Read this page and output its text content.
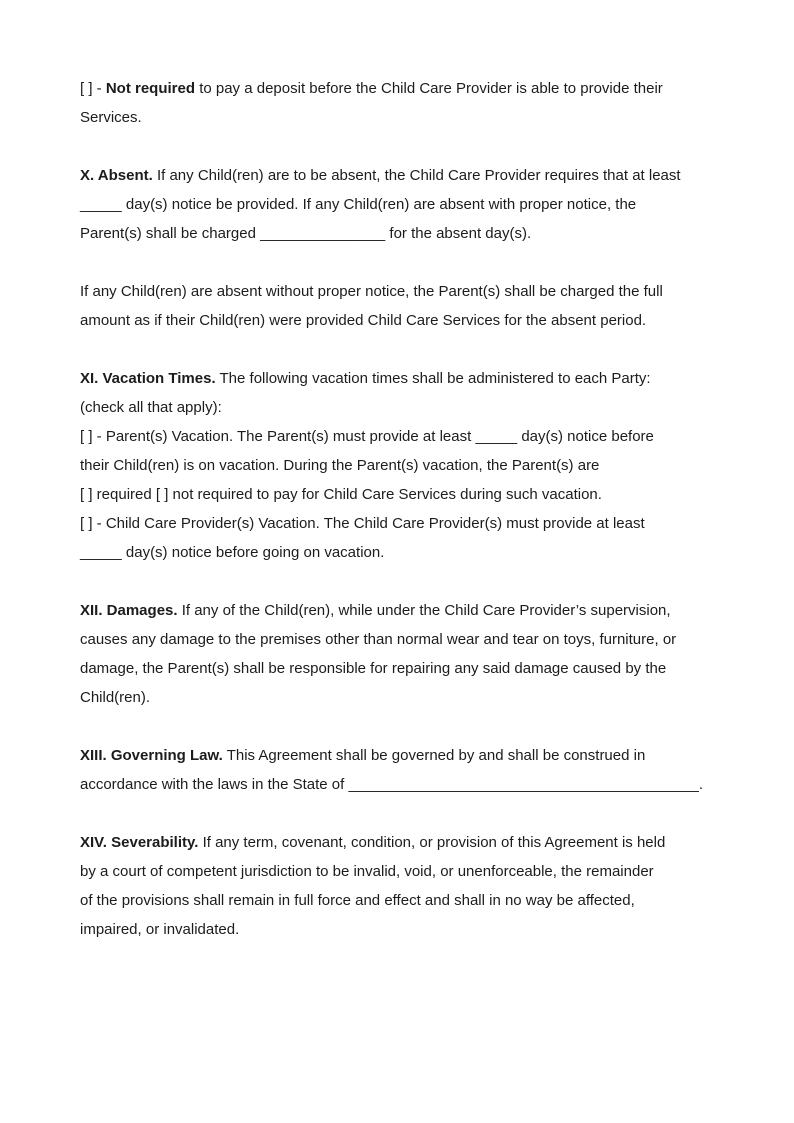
[ ] - Not required to pay a deposit before the Child Care Provider is able to provide their
Services.
X. Absent. If any Child(ren) are to be absent, the Child Care Provider requires that at least
_____ day(s) notice be provided. If any Child(ren) are absent with proper notice, the
Parent(s) shall be charged _______________ for the absent day(s).
If any Child(ren) are absent without proper notice, the Parent(s) shall be charged the full
amount as if their Child(ren) were provided Child Care Services for the absent period.
XI. Vacation Times. The following vacation times shall be administered to each Party:
(check all that apply):
[ ] - Parent(s) Vacation. The Parent(s) must provide at least _____ day(s) notice before
their Child(ren) is on vacation. During the Parent(s) vacation, the Parent(s) are
[ ] required [ ] not required to pay for Child Care Services during such vacation.
[ ] - Child Care Provider(s) Vacation. The Child Care Provider(s) must provide at least
_____ day(s) notice before going on vacation.
XII. Damages. If any of the Child(ren), while under the Child Care Provider’s supervision,
causes any damage to the premises other than normal wear and tear on toys, furniture, or
damage, the Parent(s) shall be responsible for repairing any said damage caused by the
Child(ren).
XIII. Governing Law. This Agreement shall be governed by and shall be construed in
accordance with the laws in the State of __________________________________________.
XIV. Severability. If any term, covenant, condition, or provision of this Agreement is held
by a court of competent jurisdiction to be invalid, void, or unenforceable, the remainder
of the provisions shall remain in full force and effect and shall in no way be affected,
impaired, or invalidated.
